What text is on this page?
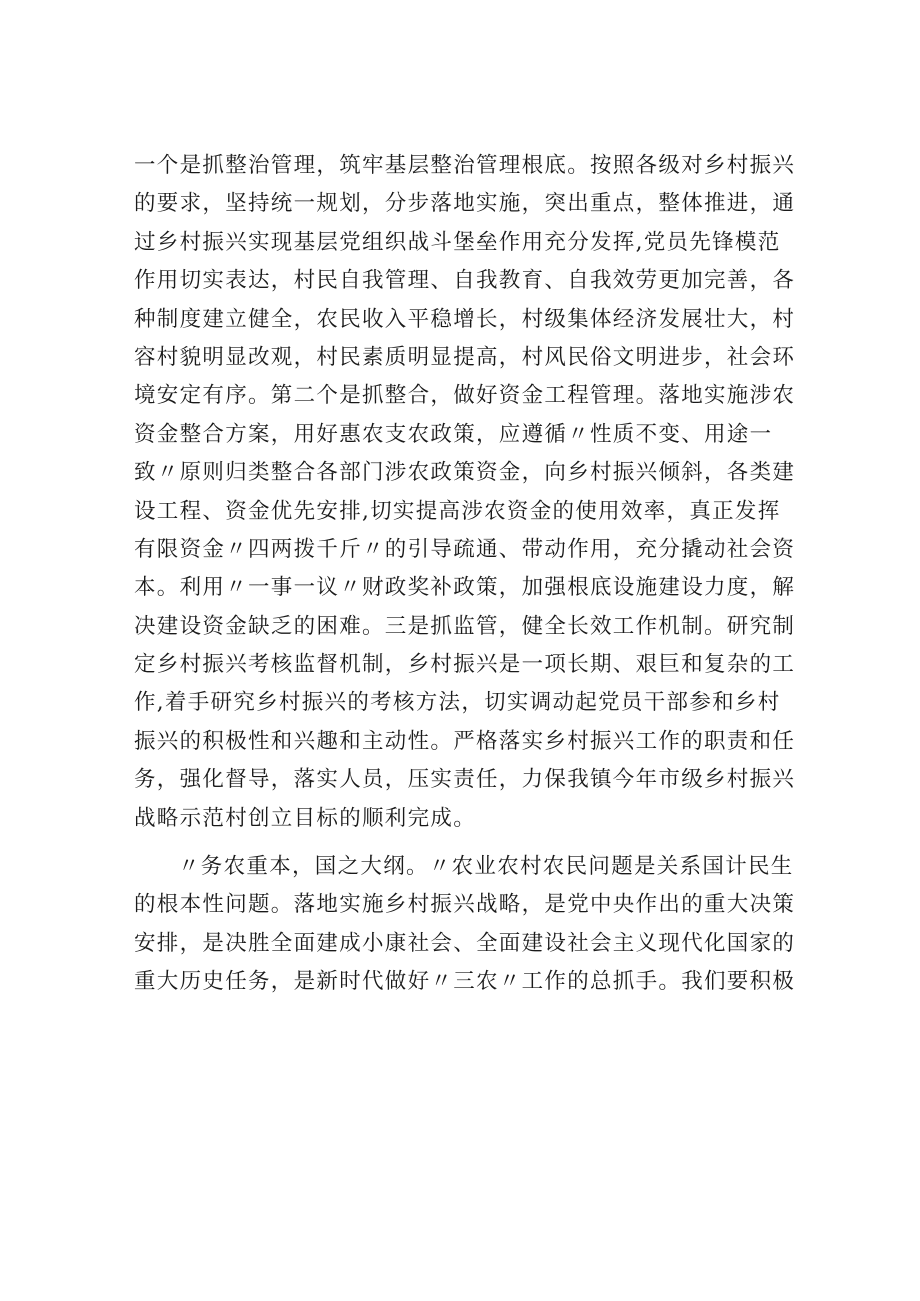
一个是抓整治管理，筑牢基层整治管理根底。按照各级对乡村振兴
的要求，坚持统一规划，分步落地实施，突出重点，整体推进，通
过乡村振兴实现基层党组织战斗堡垒作用充分发挥,党员先锋模范
作用切实表达，村民自我管理、自我教育、自我效劳更加完善，各
种制度建立健全，农民收入平稳增长，村级集体经济发展壮大，村
容村貌明显改观，村民素质明显提高，村风民俗文明进步，社会环
境安定有序。第二个是抓整合，做好资金工程管理。落地实施涉农
资金整合方案，用好惠农支农政策，应遵循〃性质不变、用途一
致〃原则归类整合各部门涉农政策资金，向乡村振兴倾斜，各类建
设工程、资金优先安排,切实提高涉农资金的使用效率，真正发挥
有限资金〃四两拨千斤〃的引导疏通、带动作用，充分撬动社会资
本。利用〃一事一议〃财政奖补政策，加强根底设施建设力度，解
决建设资金缺乏的困难。三是抓监管，健全长效工作机制。研究制
定乡村振兴考核监督机制，乡村振兴是一项长期、艰巨和复杂的工
作,着手研究乡村振兴的考核方法，切实调动起党员干部参和乡村
振兴的积极性和兴趣和主动性。严格落实乡村振兴工作的职责和任
务，强化督导，落实人员，压实责任，力保我镇今年市级乡村振兴
战略示范村创立目标的顺利完成。
〃务农重本，国之大纲。〃农业农村农民问题是关系国计民生
的根本性问题。落地实施乡村振兴战略，是党中央作出的重大决策
安排，是决胜全面建成小康社会、全面建设社会主义现代化国家的
重大历史任务，是新时代做好〃三农〃工作的总抓手。我们要积极
